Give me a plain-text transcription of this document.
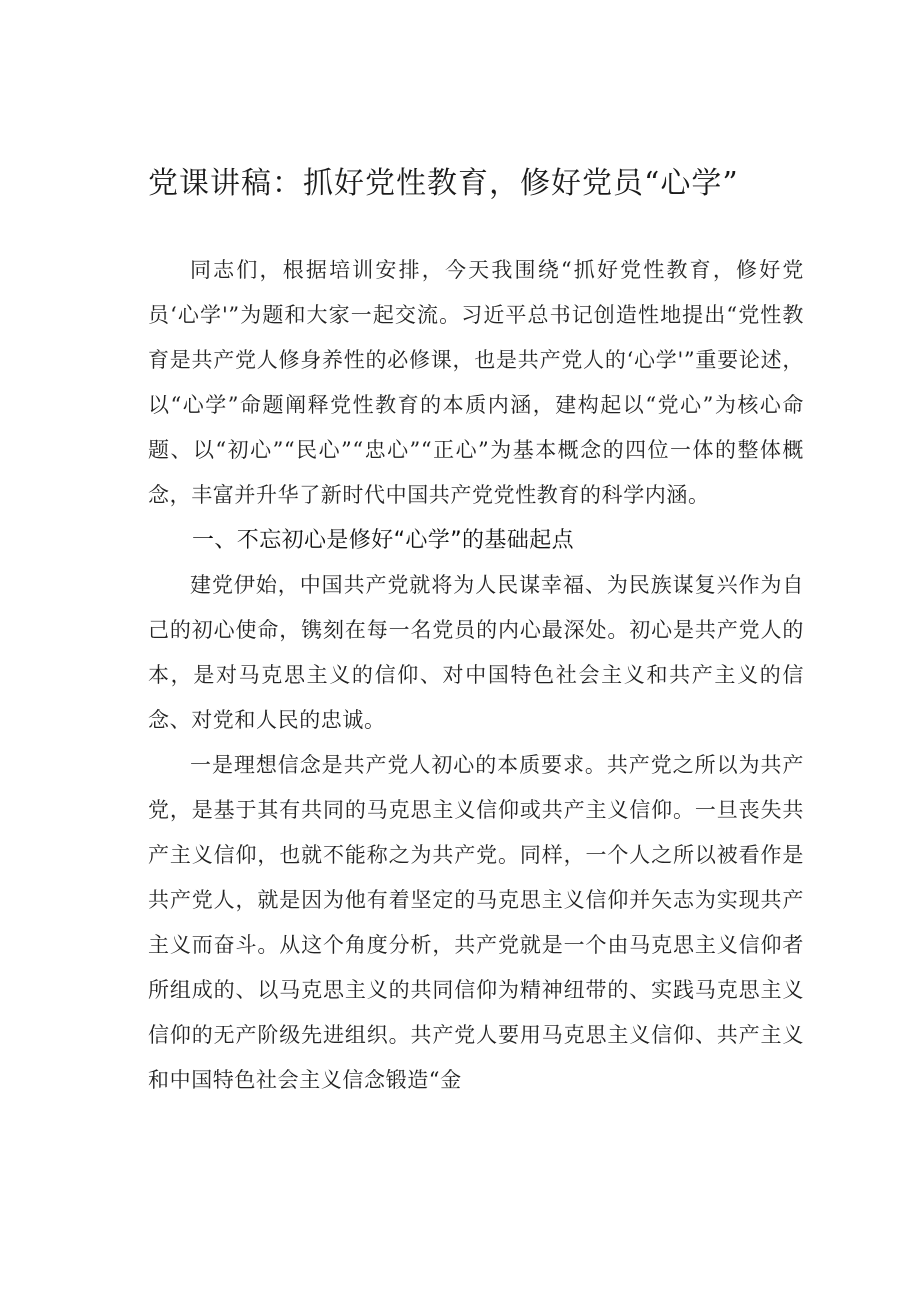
党课讲稿：抓好党性教育，修好党员“心学”

同志们，根据培训安排，今天我围绕“抓好党性教育，修好党员‘心学'”为题和大家一起交流。习近平总书记创造性地提出“党性教育是共产党人修身养性的必修课，也是共产党人的‘心学'”重要论述，以“心学”命题阐释党性教育的本质内涵，建构起以“党心”为核心命题、以“初心”“民心”“忠心”“正心”为基本概念的四位一体的整体概念，丰富并升华了新时代中国共产党党性教育的科学内涵。

一、不忘初心是修好“心学”的基础起点

建党伊始，中国共产党就将为人民谋幸福、为民族谋复兴作为自己的初心使命，镌刻在每一名党员的内心最深处。初心是共产党人的本，是对马克思主义的信仰、对中国特色社会主义和共产主义的信念、对党和人民的忠诚。

一是理想信念是共产党人初心的本质要求。共产党之所以为共产党，是基于其有共同的马克思主义信仰或共产主义信仰。一旦丧失共产主义信仰，也就不能称之为共产党。同样，一个人之所以被看作是共产党人，就是因为他有着坚定的马克思主义信仰并矢志为实现共产主义而奋斗。从这个角度分析，共产党就是一个由马克思主义信仰者所组成的、以马克思主义的共同信仰为精神纽带的、实践马克思主义信仰的无产阶级先进组织。共产党人要用马克思主义信仰、共产主义和中国特色社会主义信念锻造“金
